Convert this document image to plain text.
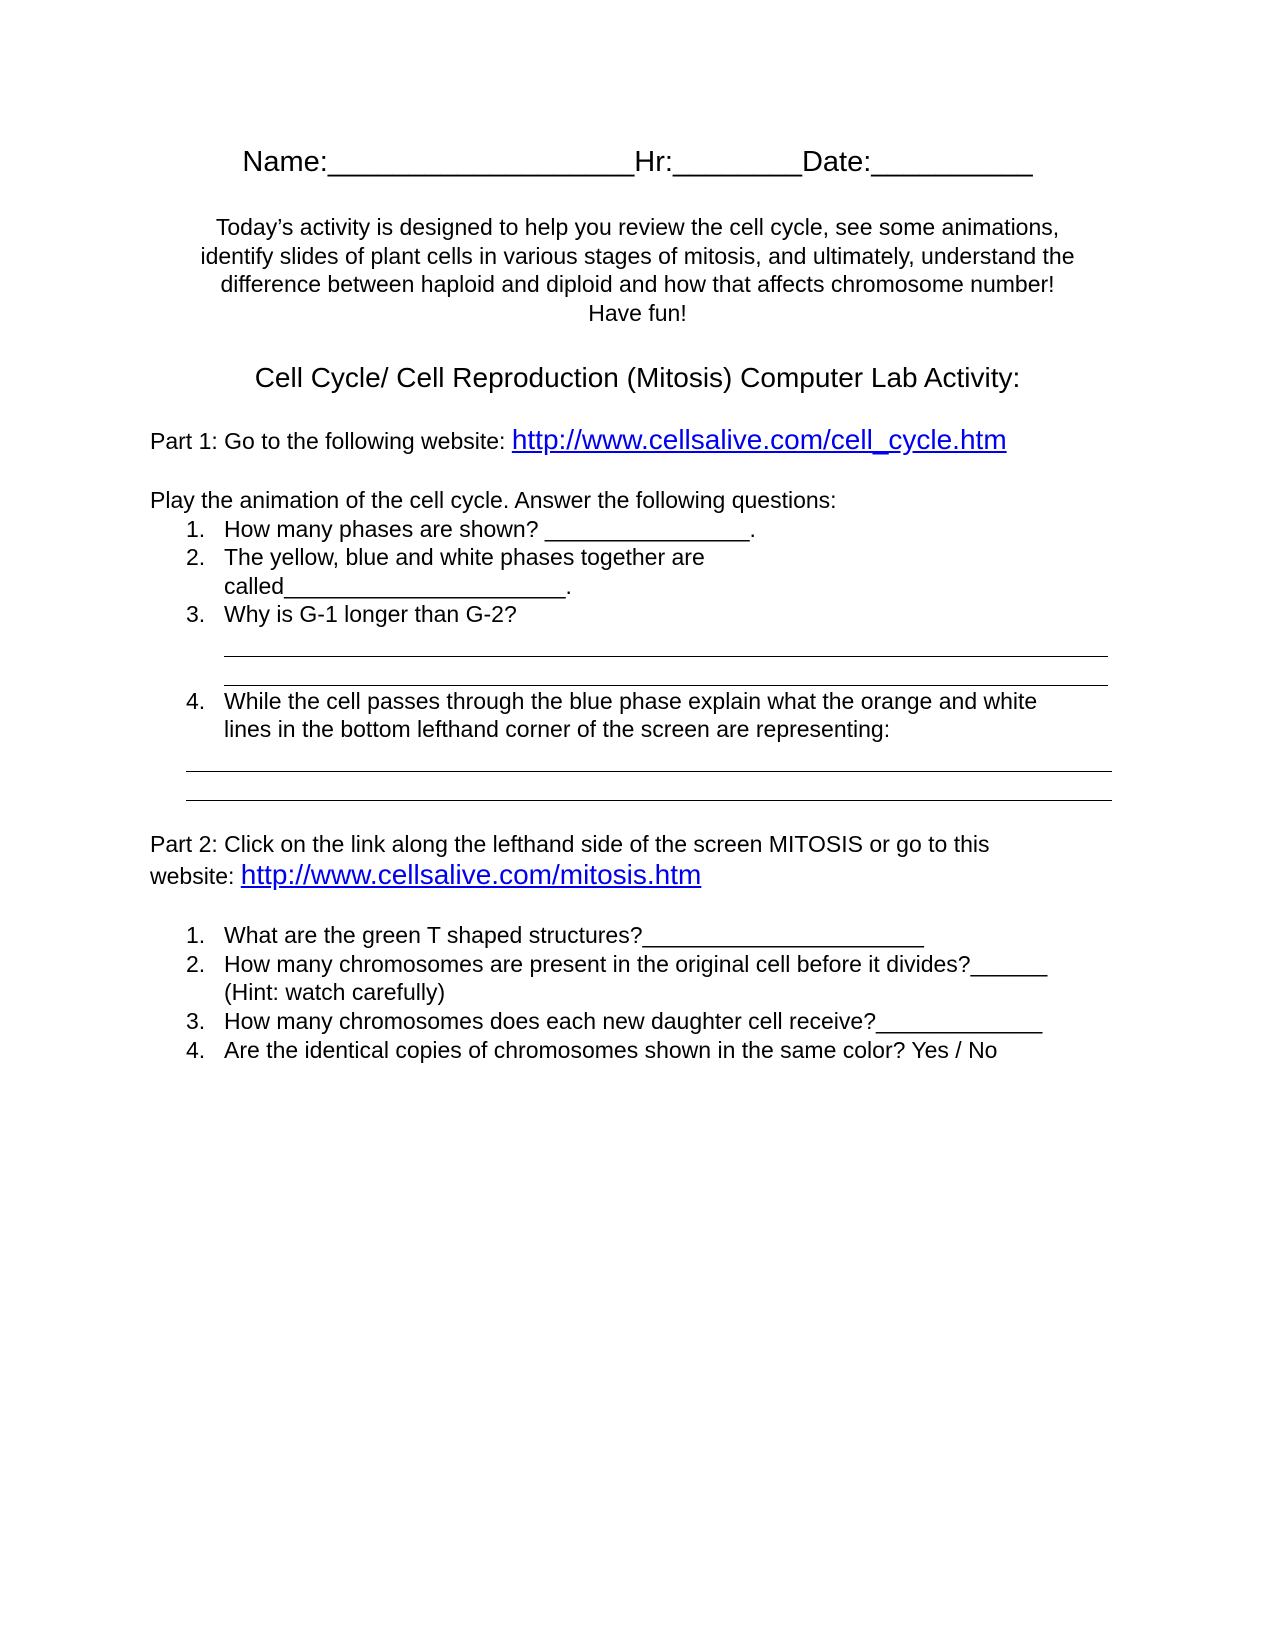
Name:___________________Hr:________Date:__________
Today’s activity is designed to help you review the cell cycle, see some animations,
identify slides of plant cells in various stages of mitosis, and ultimately, understand the
difference between haploid and diploid and how that affects chromosome number!
Have fun!
Cell Cycle/ Cell Reproduction (Mitosis) Computer Lab Activity:
Part 1: Go to the following website: http://www.cellsalive.com/cell_cycle.htm
Play the animation of the cell cycle. Answer the following questions:
1. How many phases are shown? ________________.
2. The yellow, blue and white phases together are
called______________________.
3. Why is G-1 longer than G-2?
4. While the cell passes through the blue phase explain what the orange and white
lines in the bottom lefthand corner of the screen are representing:
Part 2: Click on the link along the lefthand side of the screen MITOSIS or go to this
website: http://www.cellsalive.com/mitosis.htm
1. What are the green T shaped structures?______________________
2. How many chromosomes are present in the original cell before it divides?______
(Hint: watch carefully)
3. How many chromosomes does each new daughter cell receive?_____________
4. Are the identical copies of chromosomes shown in the same color? Yes / No
